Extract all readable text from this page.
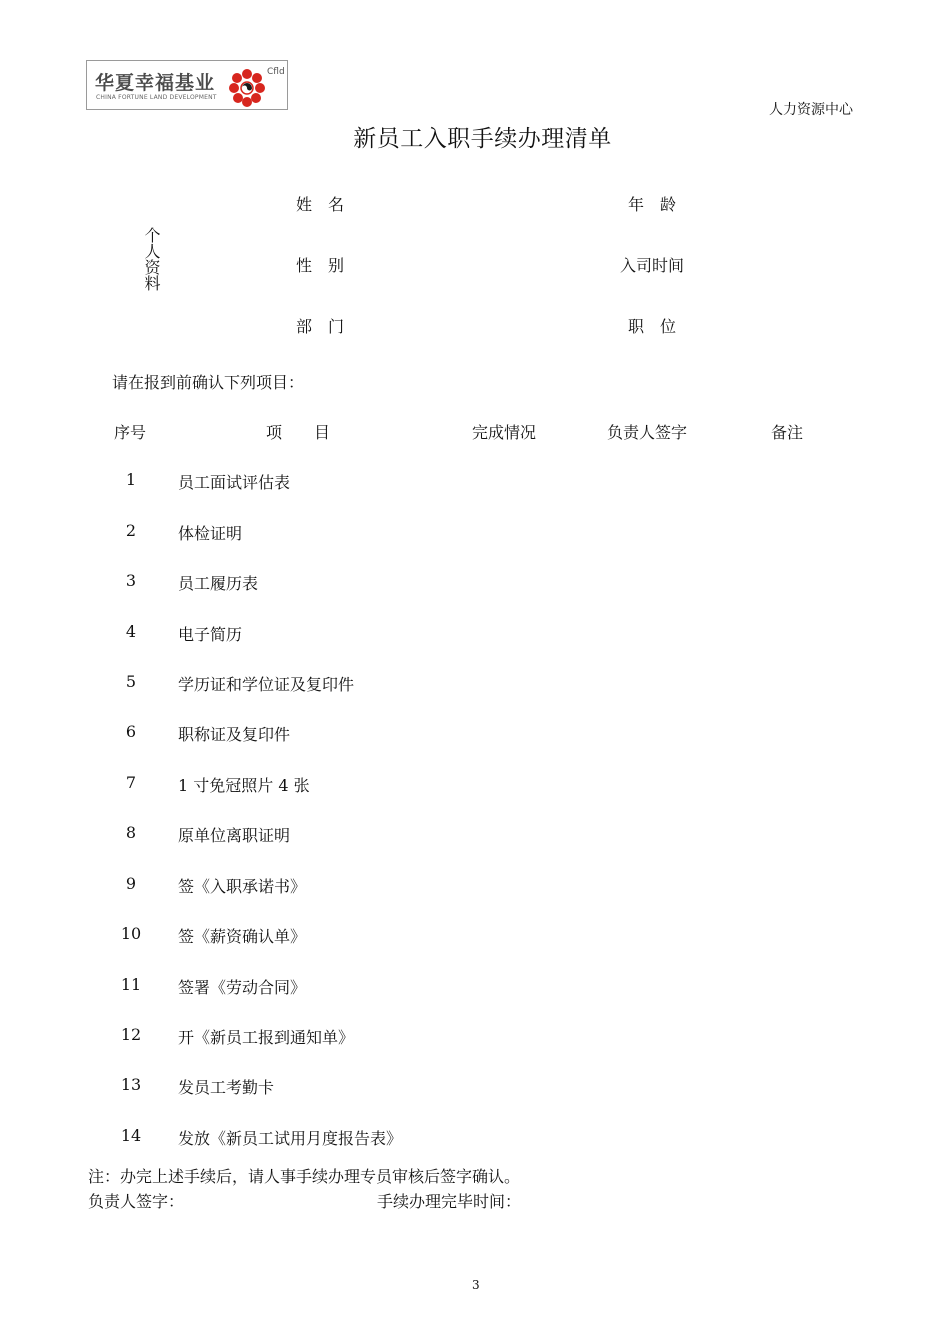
华夏幸福基业
CHINA FORTUNE LAND DEVELOPMENT
Cfld
人力资源中心
新员工入职手续办理清单
个人资料
姓　名	年　龄
性　别	入司时间
部　门	职　位
请在报到前确认下列项目：
序号	项　　目	完成情况	负责人签字	备注
1	员工面试评估表
2	体检证明
3	员工履历表
4	电子简历
5	学历证和学位证及复印件
6	职称证及复印件
7	1 寸免冠照片 4 张
8	原单位离职证明
9	签《入职承诺书》
10 签《薪资确认单》
11 签署《劳动合同》
12 开《新员工报到通知单》
13 发员工考勤卡
14 发放《新员工试用月度报告表》
注：办完上述手续后，请人事手续办理专员审核后签字确认。
负责人签字：	手续办理完毕时间：
3
